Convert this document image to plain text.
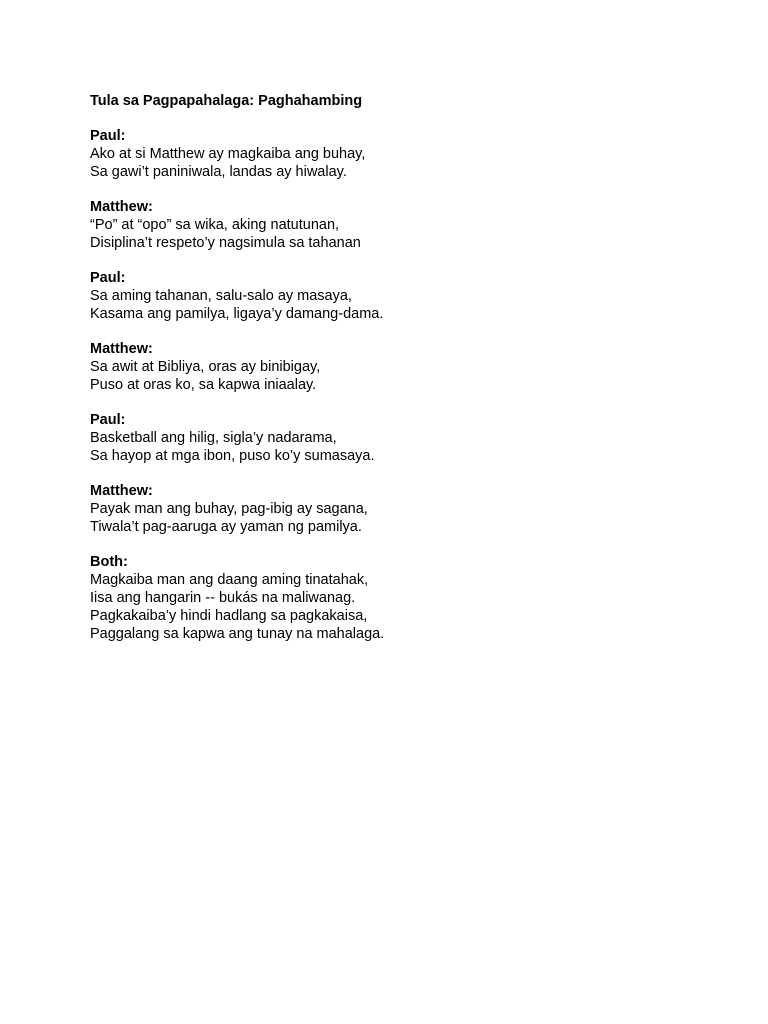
Tula sa Pagpapahalaga: Paghahambing
Paul:
Ako at si Matthew ay magkaiba ang buhay,
Sa gawi’t paniniwala, landas ay hiwalay.
Matthew:
“Po” at “opo” sa wika, aking natutunan,
Disiplina’t respeto’y nagsimula sa tahanan
Paul:
Sa aming tahanan, salu-salo ay masaya,
Kasama ang pamilya, ligaya’y damang-dama.
Matthew:
Sa awit at Bibliya, oras ay binibigay,
Puso at oras ko, sa kapwa iniaalay.
Paul:
Basketball ang hilig, sigla’y nadarama,
Sa hayop at mga ibon, puso ko’y sumasaya.
Matthew:
Payak man ang buhay, pag-ibig ay sagana,
Tiwala’t pag-aaruga ay yaman ng pamilya.
Both:
Magkaiba man ang daang aming tinatahak,
Iisa ang hangarin -- bukás na maliwanag.
Pagkakaiba’y hindi hadlang sa pagkakaisa,
Paggalang sa kapwa ang tunay na mahalaga.
